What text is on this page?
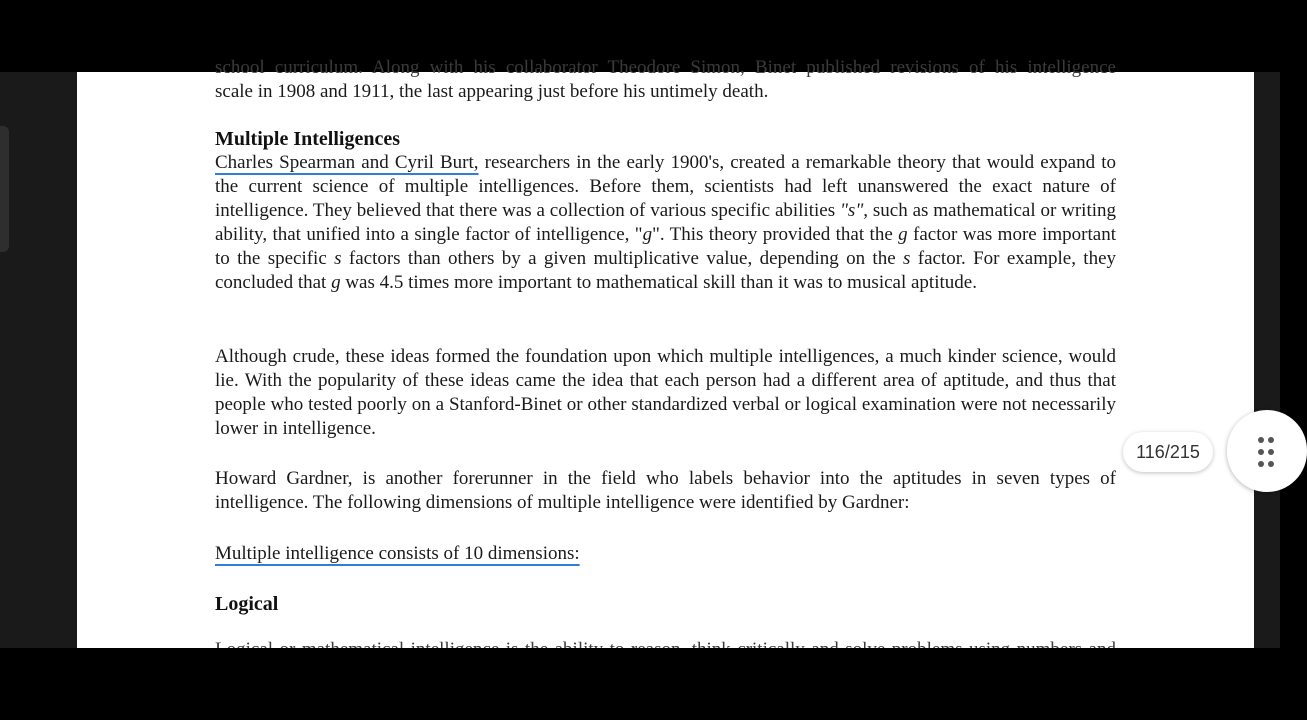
school curriculum. Along with his collaborator Theodore Simon, Binet published revisions of his intelligence

scale in 1908 and 1911, the last appearing just before his untimely death.

Multiple Intelligences

Charles Spearman and Cyril Burt, researchers in the early 1900's, created a remarkable theory that would expand to the current science of multiple intelligences. Before them, scientists had left unanswered the exact nature of intelligence. They believed that there was a collection of various specific abilities "s", such as mathematical or writing ability, that unified into a single factor of intelligence, "g". This theory provided that the g factor was more important to the specific s factors than others by a given multiplicative value, depending on the s factor. For example, they concluded that g was 4.5 times more important to mathematical skill than it was to musical aptitude.

Although crude, these ideas formed the foundation upon which multiple intelligences, a much kinder science, would lie. With the popularity of these ideas came the idea that each person had a different area of aptitude, and thus that people who tested poorly on a Stanford-Binet or other standardized verbal or logical examination were not necessarily lower in intelligence.

Howard Gardner, is another forerunner in the field who labels behavior into the aptitudes in seven types of intelligence. The following dimensions of multiple intelligence were identified by Gardner:

Multiple intelligence consists of 10 dimensions:

Logical

116/215
